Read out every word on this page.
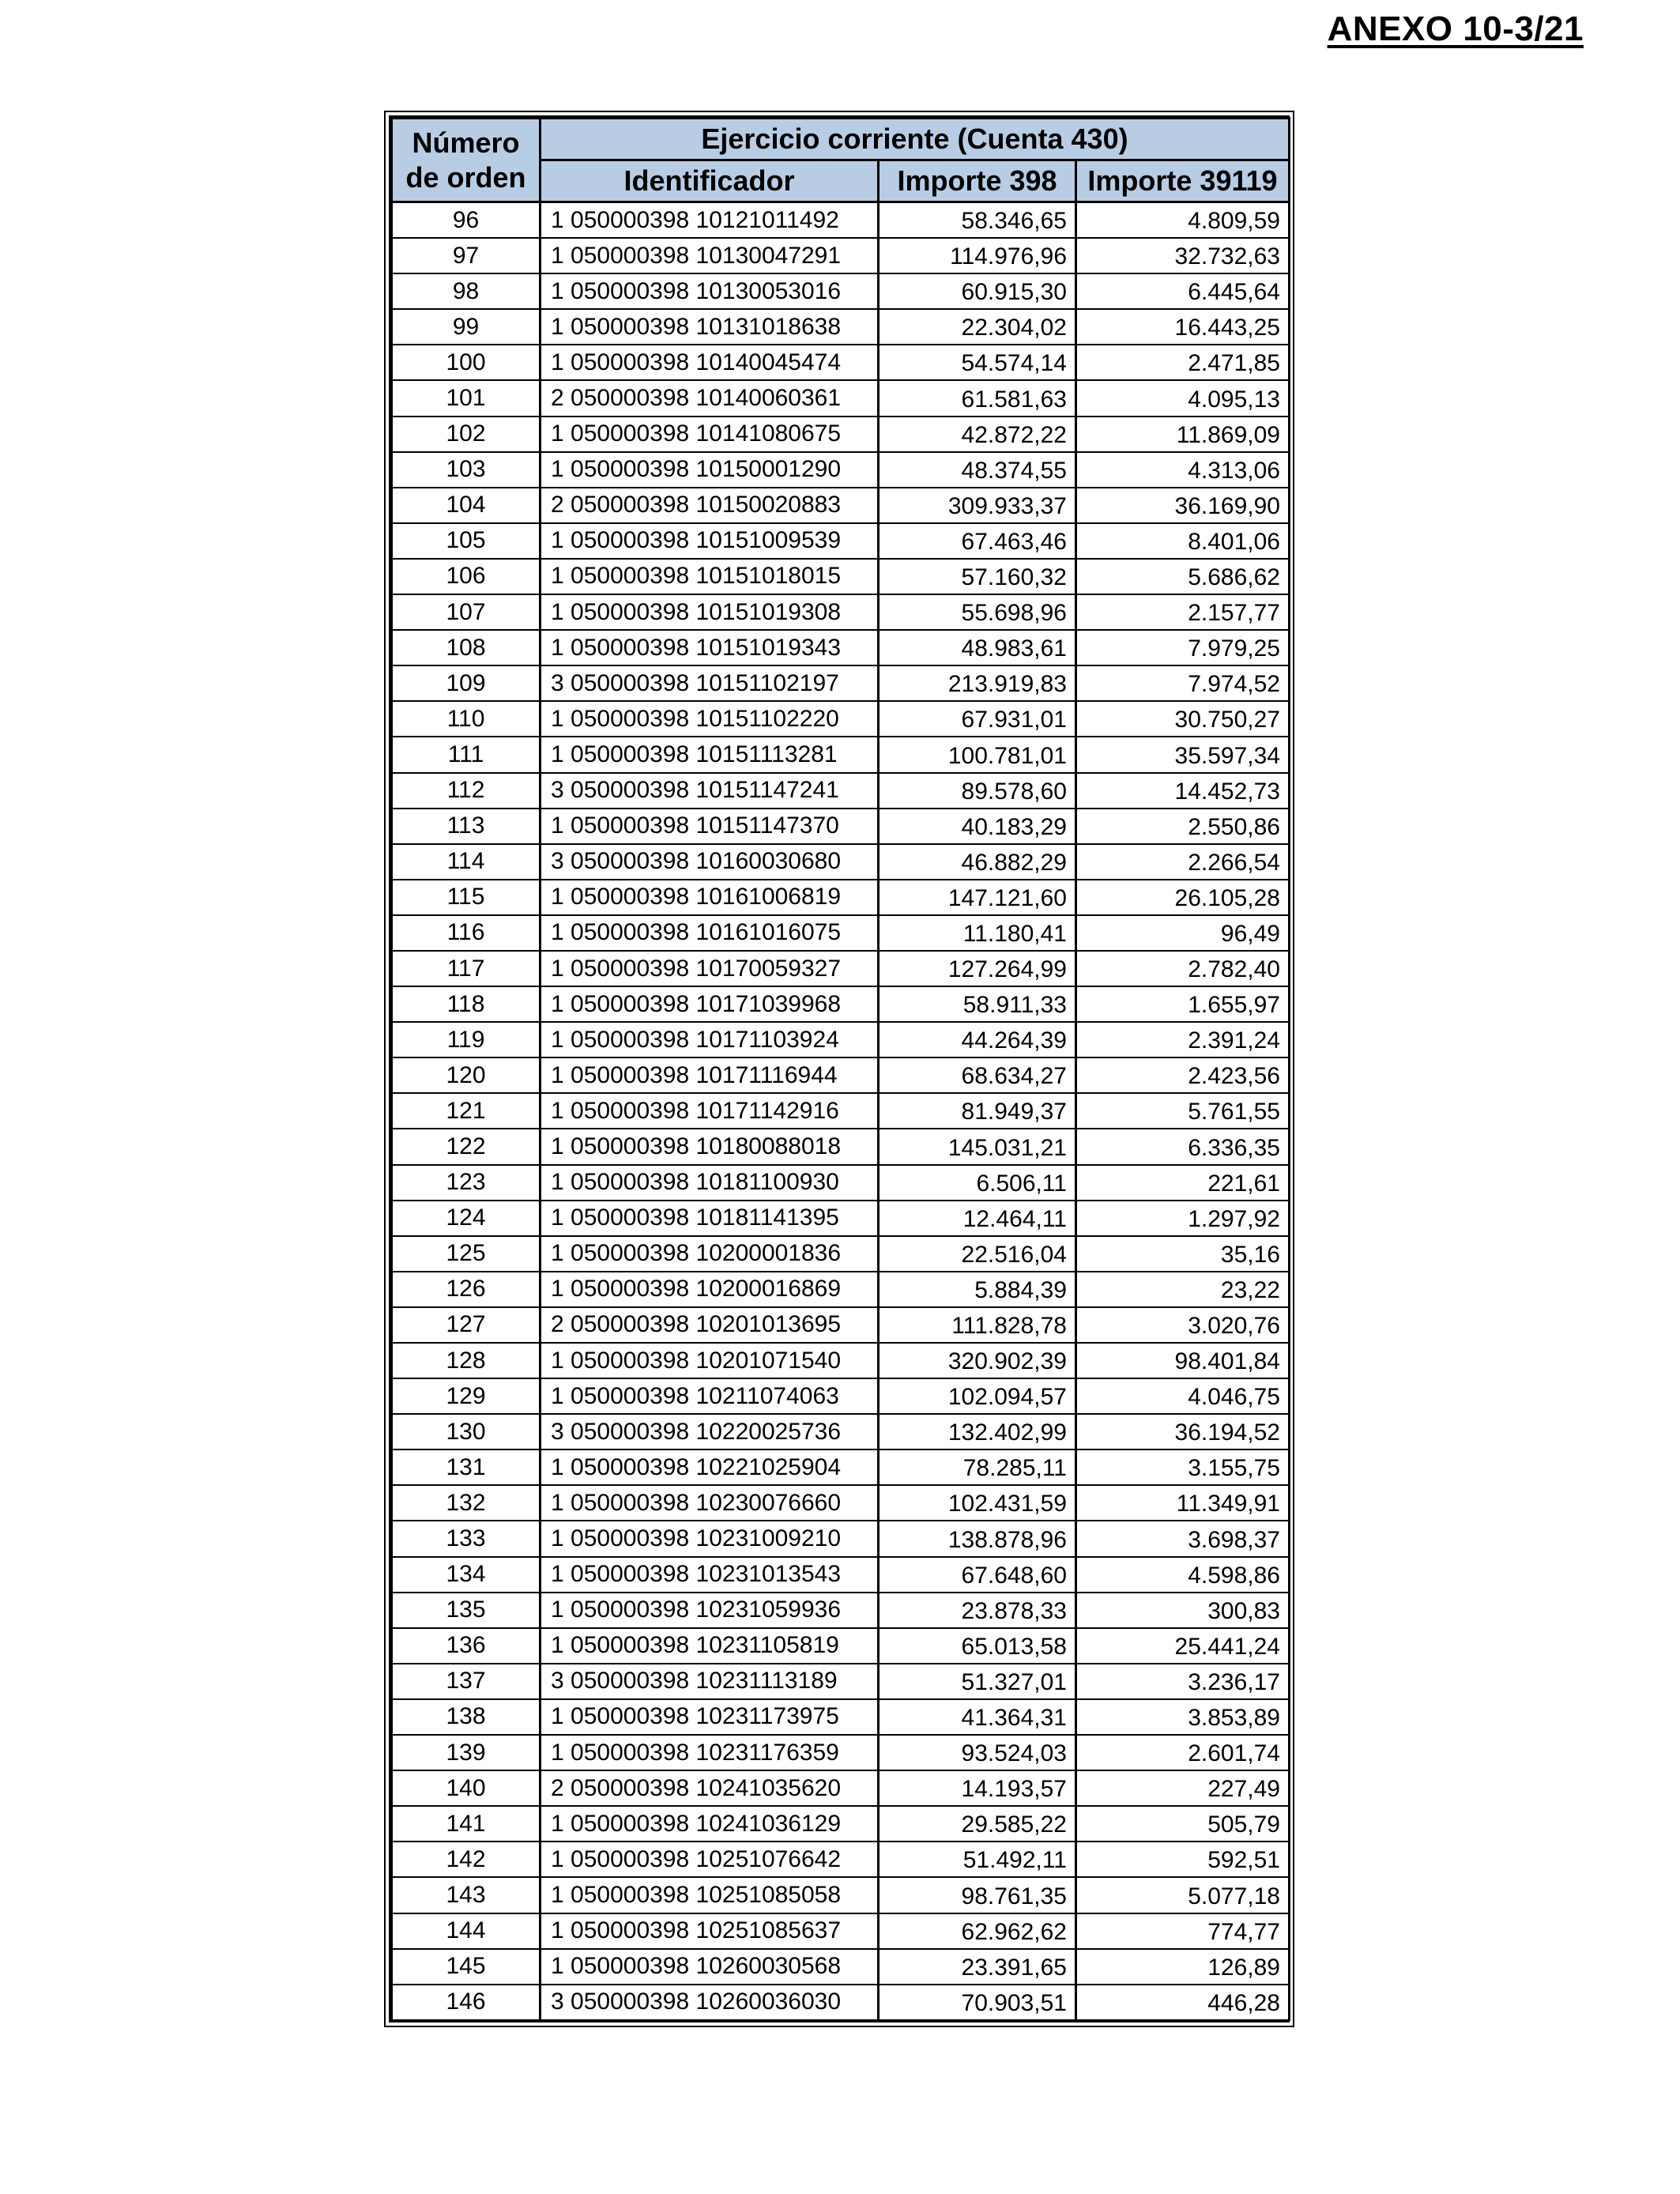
ANEXO 10-3/21
Número
de orden	Ejercicio corriente (Cuenta 430)		
	Identificador	Importe 398	Importe 39119
96	1 050000398 10121011492	58.346,65	4.809,59
97	1 050000398 10130047291	114.976,96	32.732,63
98	1 050000398 10130053016	60.915,30	6.445,64
99	1 050000398 10131018638	22.304,02	16.443,25
100	1 050000398 10140045474	54.574,14	2.471,85
101	2 050000398 10140060361	61.581,63	4.095,13
102	1 050000398 10141080675	42.872,22	11.869,09
103	1 050000398 10150001290	48.374,55	4.313,06
104	2 050000398 10150020883	309.933,37	36.169,90
105	1 050000398 10151009539	67.463,46	8.401,06
106	1 050000398 10151018015	57.160,32	5.686,62
107	1 050000398 10151019308	55.698,96	2.157,77
108	1 050000398 10151019343	48.983,61	7.979,25
109	3 050000398 10151102197	213.919,83	7.974,52
110	1 050000398 10151102220	67.931,01	30.750,27
111	1 050000398 10151113281	100.781,01	35.597,34
112	3 050000398 10151147241	89.578,60	14.452,73
113	1 050000398 10151147370	40.183,29	2.550,86
114	3 050000398 10160030680	46.882,29	2.266,54
115	1 050000398 10161006819	147.121,60	26.105,28
116	1 050000398 10161016075	11.180,41	96,49
117	1 050000398 10170059327	127.264,99	2.782,40
118	1 050000398 10171039968	58.911,33	1.655,97
119	1 050000398 10171103924	44.264,39	2.391,24
120	1 050000398 10171116944	68.634,27	2.423,56
121	1 050000398 10171142916	81.949,37	5.761,55
122	1 050000398 10180088018	145.031,21	6.336,35
123	1 050000398 10181100930	6.506,11	221,61
124	1 050000398 10181141395	12.464,11	1.297,92
125	1 050000398 10200001836	22.516,04	35,16
126	1 050000398 10200016869	5.884,39	23,22
127	2 050000398 10201013695	111.828,78	3.020,76
128	1 050000398 10201071540	320.902,39	98.401,84
129	1 050000398 10211074063	102.094,57	4.046,75
130	3 050000398 10220025736	132.402,99	36.194,52
131	1 050000398 10221025904	78.285,11	3.155,75
132	1 050000398 10230076660	102.431,59	11.349,91
133	1 050000398 10231009210	138.878,96	3.698,37
134	1 050000398 10231013543	67.648,60	4.598,86
135	1 050000398 10231059936	23.878,33	300,83
136	1 050000398 10231105819	65.013,58	25.441,24
137	3 050000398 10231113189	51.327,01	3.236,17
138	1 050000398 10231173975	41.364,31	3.853,89
139	1 050000398 10231176359	93.524,03	2.601,74
140	2 050000398 10241035620	14.193,57	227,49
141	1 050000398 10241036129	29.585,22	505,79
142	1 050000398 10251076642	51.492,11	592,51
143	1 050000398 10251085058	98.761,35	5.077,18
144	1 050000398 10251085637	62.962,62	774,77
145	1 050000398 10260030568	23.391,65	126,89
146	3 050000398 10260036030	70.903,51	446,28
